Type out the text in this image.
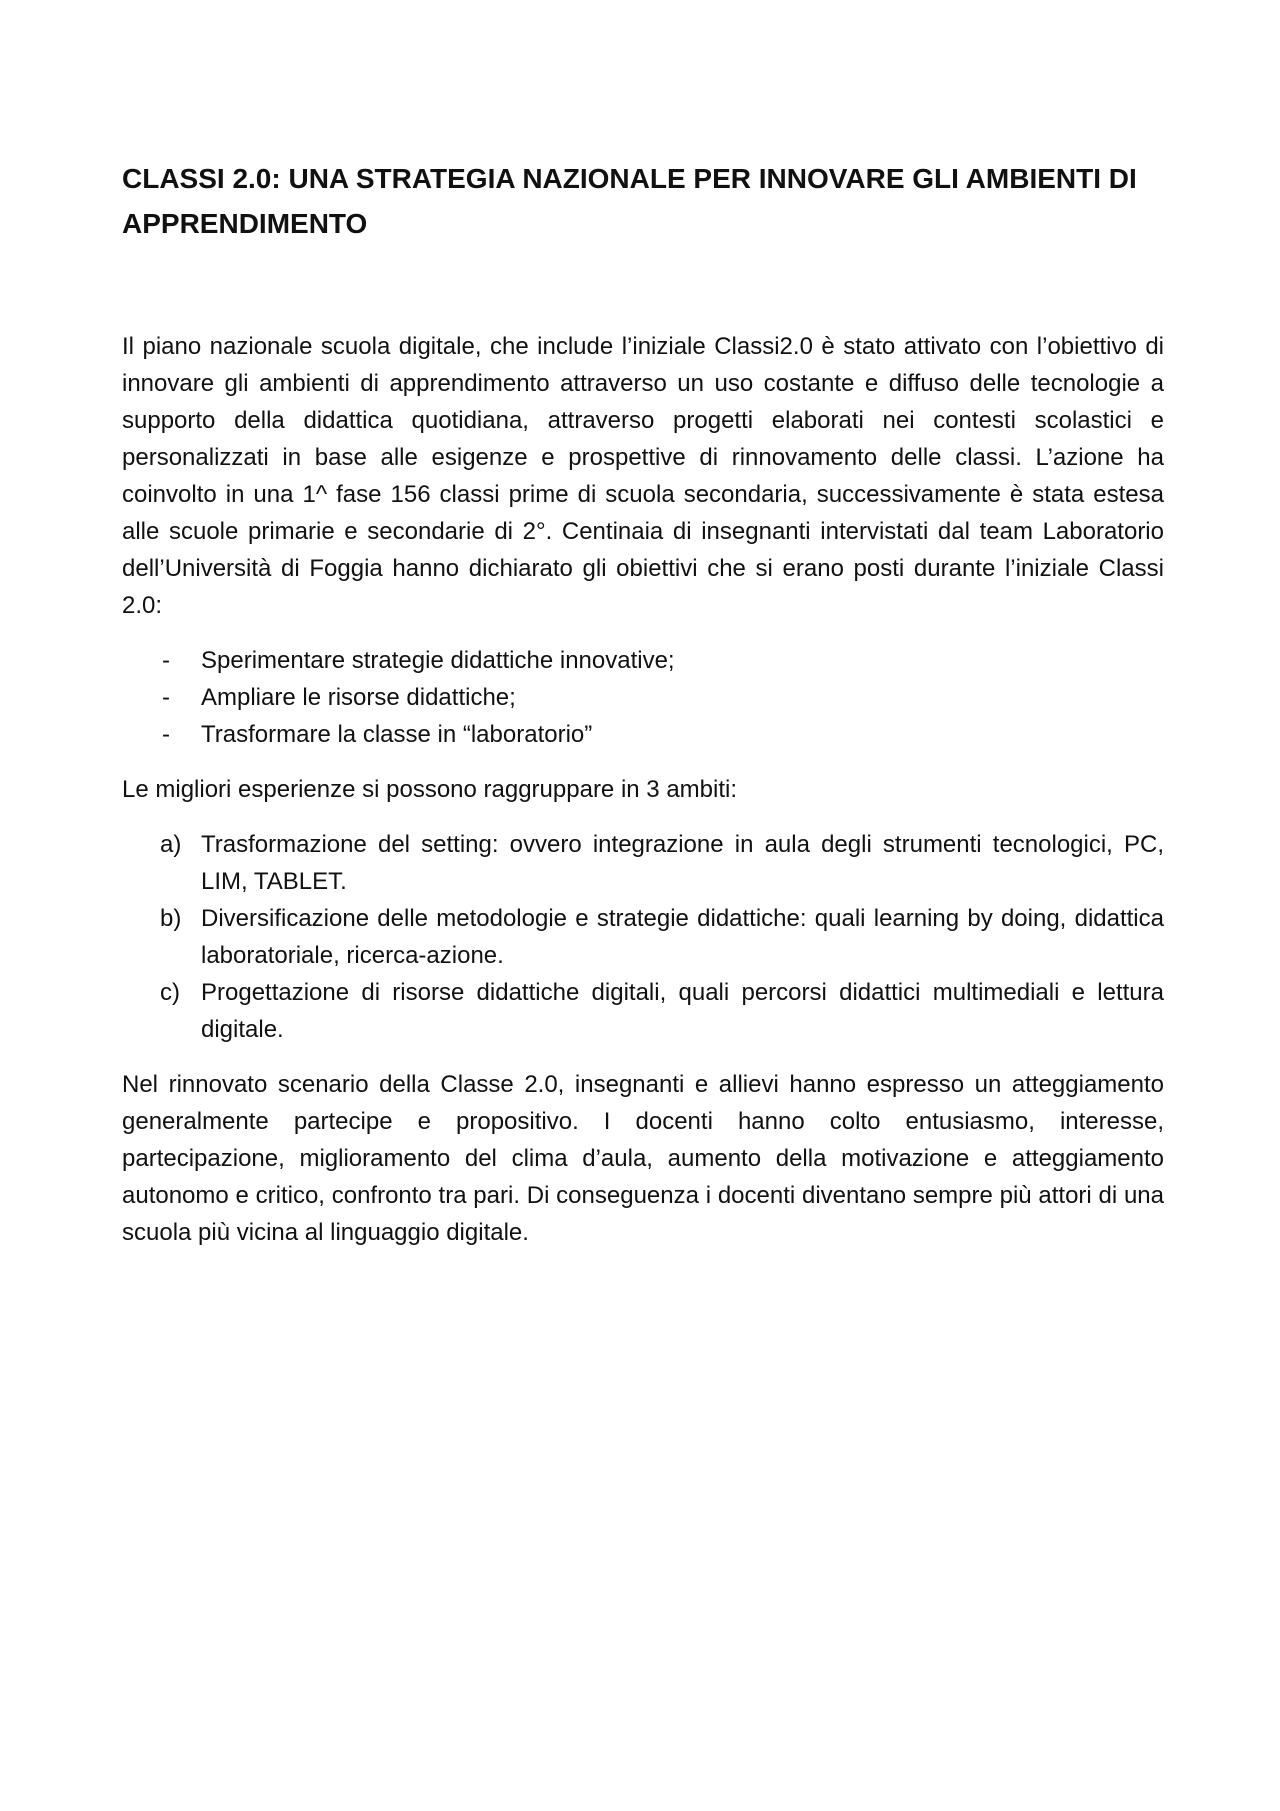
CLASSI 2.0: UNA STRATEGIA NAZIONALE PER INNOVARE GLI AMBIENTI DI APPRENDIMENTO

Il piano nazionale scuola digitale, che include l’iniziale Classi2.0 è stato attivato con l’obiettivo di innovare gli ambienti di apprendimento attraverso un uso costante e diffuso delle tecnologie a supporto della didattica quotidiana, attraverso progetti elaborati nei contesti scolastici e personalizzati in base alle esigenze e prospettive di rinnovamento delle classi. L’azione ha coinvolto in una 1^ fase 156 classi prime di scuola secondaria, successivamente è stata estesa alle scuole primarie e secondarie di 2°. Centinaia di insegnanti intervistati dal team Laboratorio dell’Università di Foggia hanno dichiarato gli obiettivi che si erano posti durante l’iniziale Classi 2.0:

- Sperimentare strategie didattiche innovative;
- Ampliare le risorse didattiche;
- Trasformare la classe in “laboratorio”

Le migliori esperienze si possono raggruppare in 3 ambiti:

a) Trasformazione del setting: ovvero integrazione in aula degli strumenti tecnologici, PC, LIM, TABLET.
b) Diversificazione delle metodologie e strategie didattiche: quali learning by doing, didattica laboratoriale, ricerca-azione.
c) Progettazione di risorse didattiche digitali, quali percorsi didattici multimediali e lettura digitale.

Nel rinnovato scenario della Classe 2.0, insegnanti e allievi hanno espresso un atteggiamento generalmente partecipe e propositivo. I docenti hanno colto entusiasmo, interesse, partecipazione, miglioramento del clima d’aula, aumento della motivazione e atteggiamento autonomo e critico, confronto tra pari. Di conseguenza i docenti diventano sempre più attori di una scuola più vicina al linguaggio digitale.
